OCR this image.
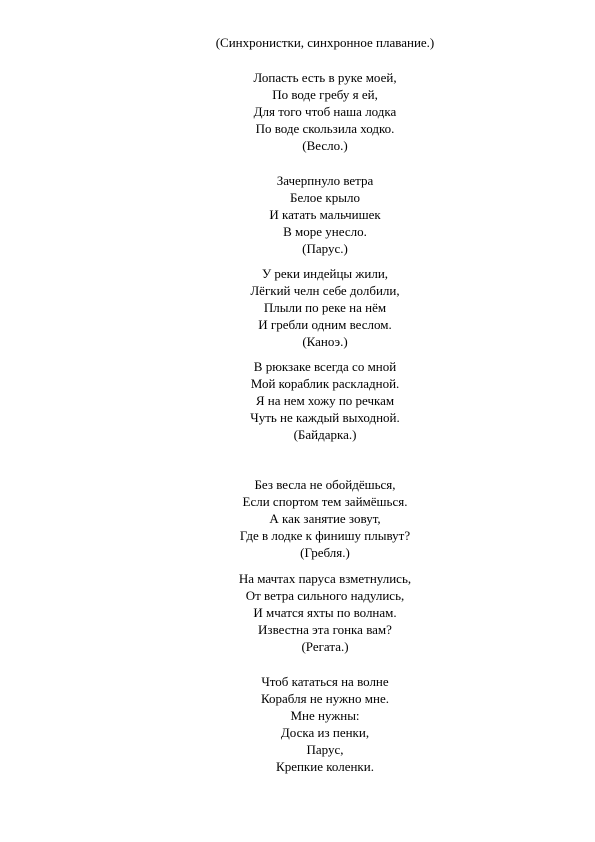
(Синхронистки, синхронное плавание.)
Лопасть есть в руке моей,
По воде гребу я ей,
Для того чтоб наша лодка
По воде скользила ходко.
(Весло.)
Зачерпнуло ветра
Белое крыло
И катать мальчишек
В море унесло.
(Парус.)
У реки индейцы жили,
Лёгкий челн себе долбили,
Плыли по реке на нём
И гребли одним веслом.
(Каноэ.)
В рюкзаке всегда со мной
Мой кораблик раскладной.
Я на нем хожу по речкам
Чуть не каждый выходной.
(Байдарка.)
Без весла не обойдёшься,
Если спортом тем займёшься.
А как занятие зовут,
Где в лодке к финишу плывут?
(Гребля.)
На мачтах паруса взметнулись,
От ветра сильного надулись,
И мчатся яхты по волнам.
Известна эта гонка вам?
(Регата.)
Чтоб кататься на волне
Корабля не нужно мне.
Мне нужны:
Доска из пенки,
Парус,
Крепкие коленки.
